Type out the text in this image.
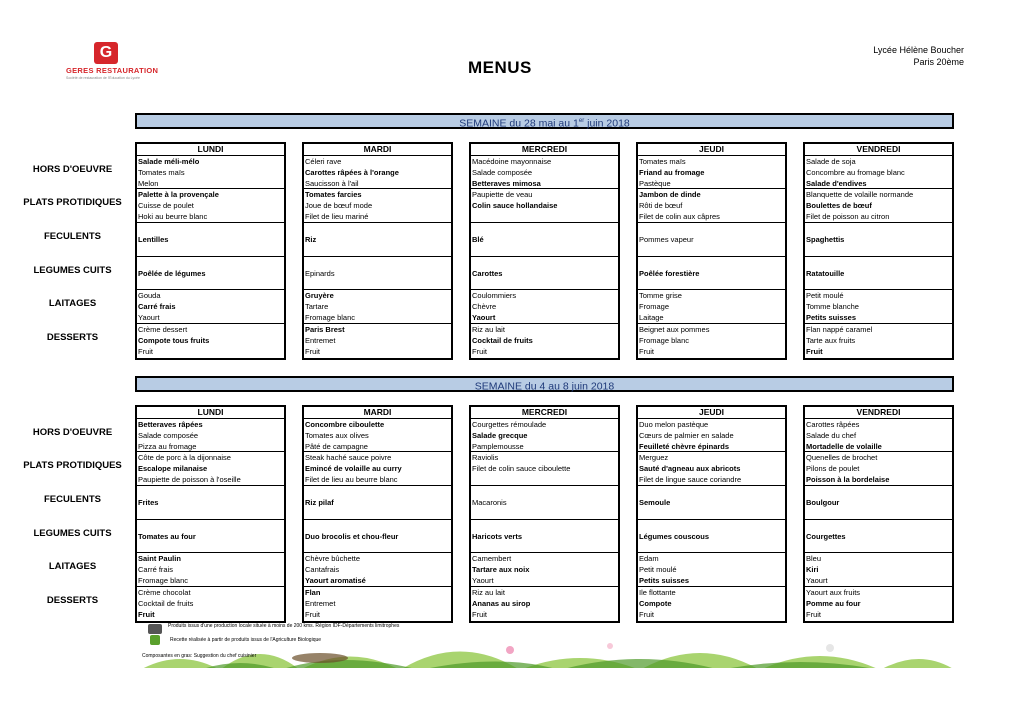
G
GERES RESTAURATION
Société de restauration de l'Éducation du Lycée
MENUS
Lycée Hélène Boucher
Paris 20ème
SEMAINE du 28 mai au 1er juin 2018
HORS D'OEUVRE
PLATS PROTIDIQUES
FECULENTS
LEGUMES CUITS
LAITAGES
DESSERTS
LUNDI
Salade méli-mélo
Tomates maïs
Melon
Palette à la provençale
Cuisse de poulet
Hoki au beurre blanc
Lentilles
Poêlée de légumes
Gouda
Carré frais
Yaourt
Crème dessert
Compote tous fruits
Fruit
MARDI
Céleri rave
Carottes râpées à l'orange
Saucisson à l'ail
Tomates farcies
Joue de bœuf mode
Filet de lieu mariné
Riz
Epinards
Gruyère
Tartare
Fromage blanc
Paris Brest
Entremet
Fruit
MERCREDI
Macédoine mayonnaise
Salade composée
Betteraves mimosa
Paupiette de veau
Colin sauce hollandaise
Blé
Carottes
Coulommiers
Chèvre
Yaourt
Riz au lait
Cocktail de fruits
Fruit
JEUDI
Tomates maïs
Friand au fromage
Pastèque
Jambon de dinde
Rôti de bœuf
Filet de colin aux câpres
Pommes vapeur
Poêlée forestière
Tomme grise
Fromage
Laitage
Beignet aux pommes
Fromage blanc
Fruit
VENDREDI
Salade de soja
Concombre au fromage blanc
Salade d'endives
Blanquette de volaille normande
Boulettes de bœuf
Filet de poisson au citron
Spaghettis
Ratatouille
Petit moulé
Tomme blanche
Petits suisses
Flan nappé caramel
Tarte aux fruits
Fruit
SEMAINE du 4 au 8 juin 2018
HORS D'OEUVRE
PLATS PROTIDIQUES
FECULENTS
LEGUMES CUITS
LAITAGES
DESSERTS
LUNDI
Betteraves râpées
Salade composée
Pizza au fromage
Côte de porc à la dijonnaise
Escalope milanaise
Paupiette de poisson à l'oseille
Frites
Tomates au four
Saint Paulin
Carré frais
Fromage blanc
Crème chocolat
Cocktail de fruits
Fruit
MARDI
Concombre ciboulette
Tomates aux olives
Pâté de campagne
Steak haché sauce poivre
Emincé de volaille au curry
Filet de lieu au beurre blanc
Riz pilaf
Duo brocolis et chou-fleur
Chèvre bûchette
Cantafrais
Yaourt aromatisé
Flan
Entremet
Fruit
MERCREDI
Courgettes rémoulade
Salade grecque
Pamplemousse
Raviolis
Filet de colin sauce ciboulette
Macaronis
Haricots verts
Camembert
Tartare aux noix
Yaourt
Riz au lait
Ananas au sirop
Fruit
JEUDI
Duo melon pastèque
Cœurs de palmier en salade
Feuilleté chèvre épinards
Merguez
Sauté d'agneau aux abricots
Filet de lingue sauce coriandre
Semoule
Légumes couscous
Edam
Petit moulé
Petits suisses
Ile flottante
Compote
Fruit
VENDREDI
Carottes râpées
Salade du chef
Mortadelle de volaille
Quenelles de brochet
Pilons de poulet
Poisson à la bordelaise
Boulgour
Courgettes
Bleu
Kiri
Yaourt
Yaourt aux fruits
Pomme au four
Fruit
Produits issus d'une production locale située à moins de 200 kms. Région IDF-Départements limitrophes
Recette réalisée à partir de produits issus de l'Agriculture Biologique
Composantes en gras: Suggestion du chef cuisinier
